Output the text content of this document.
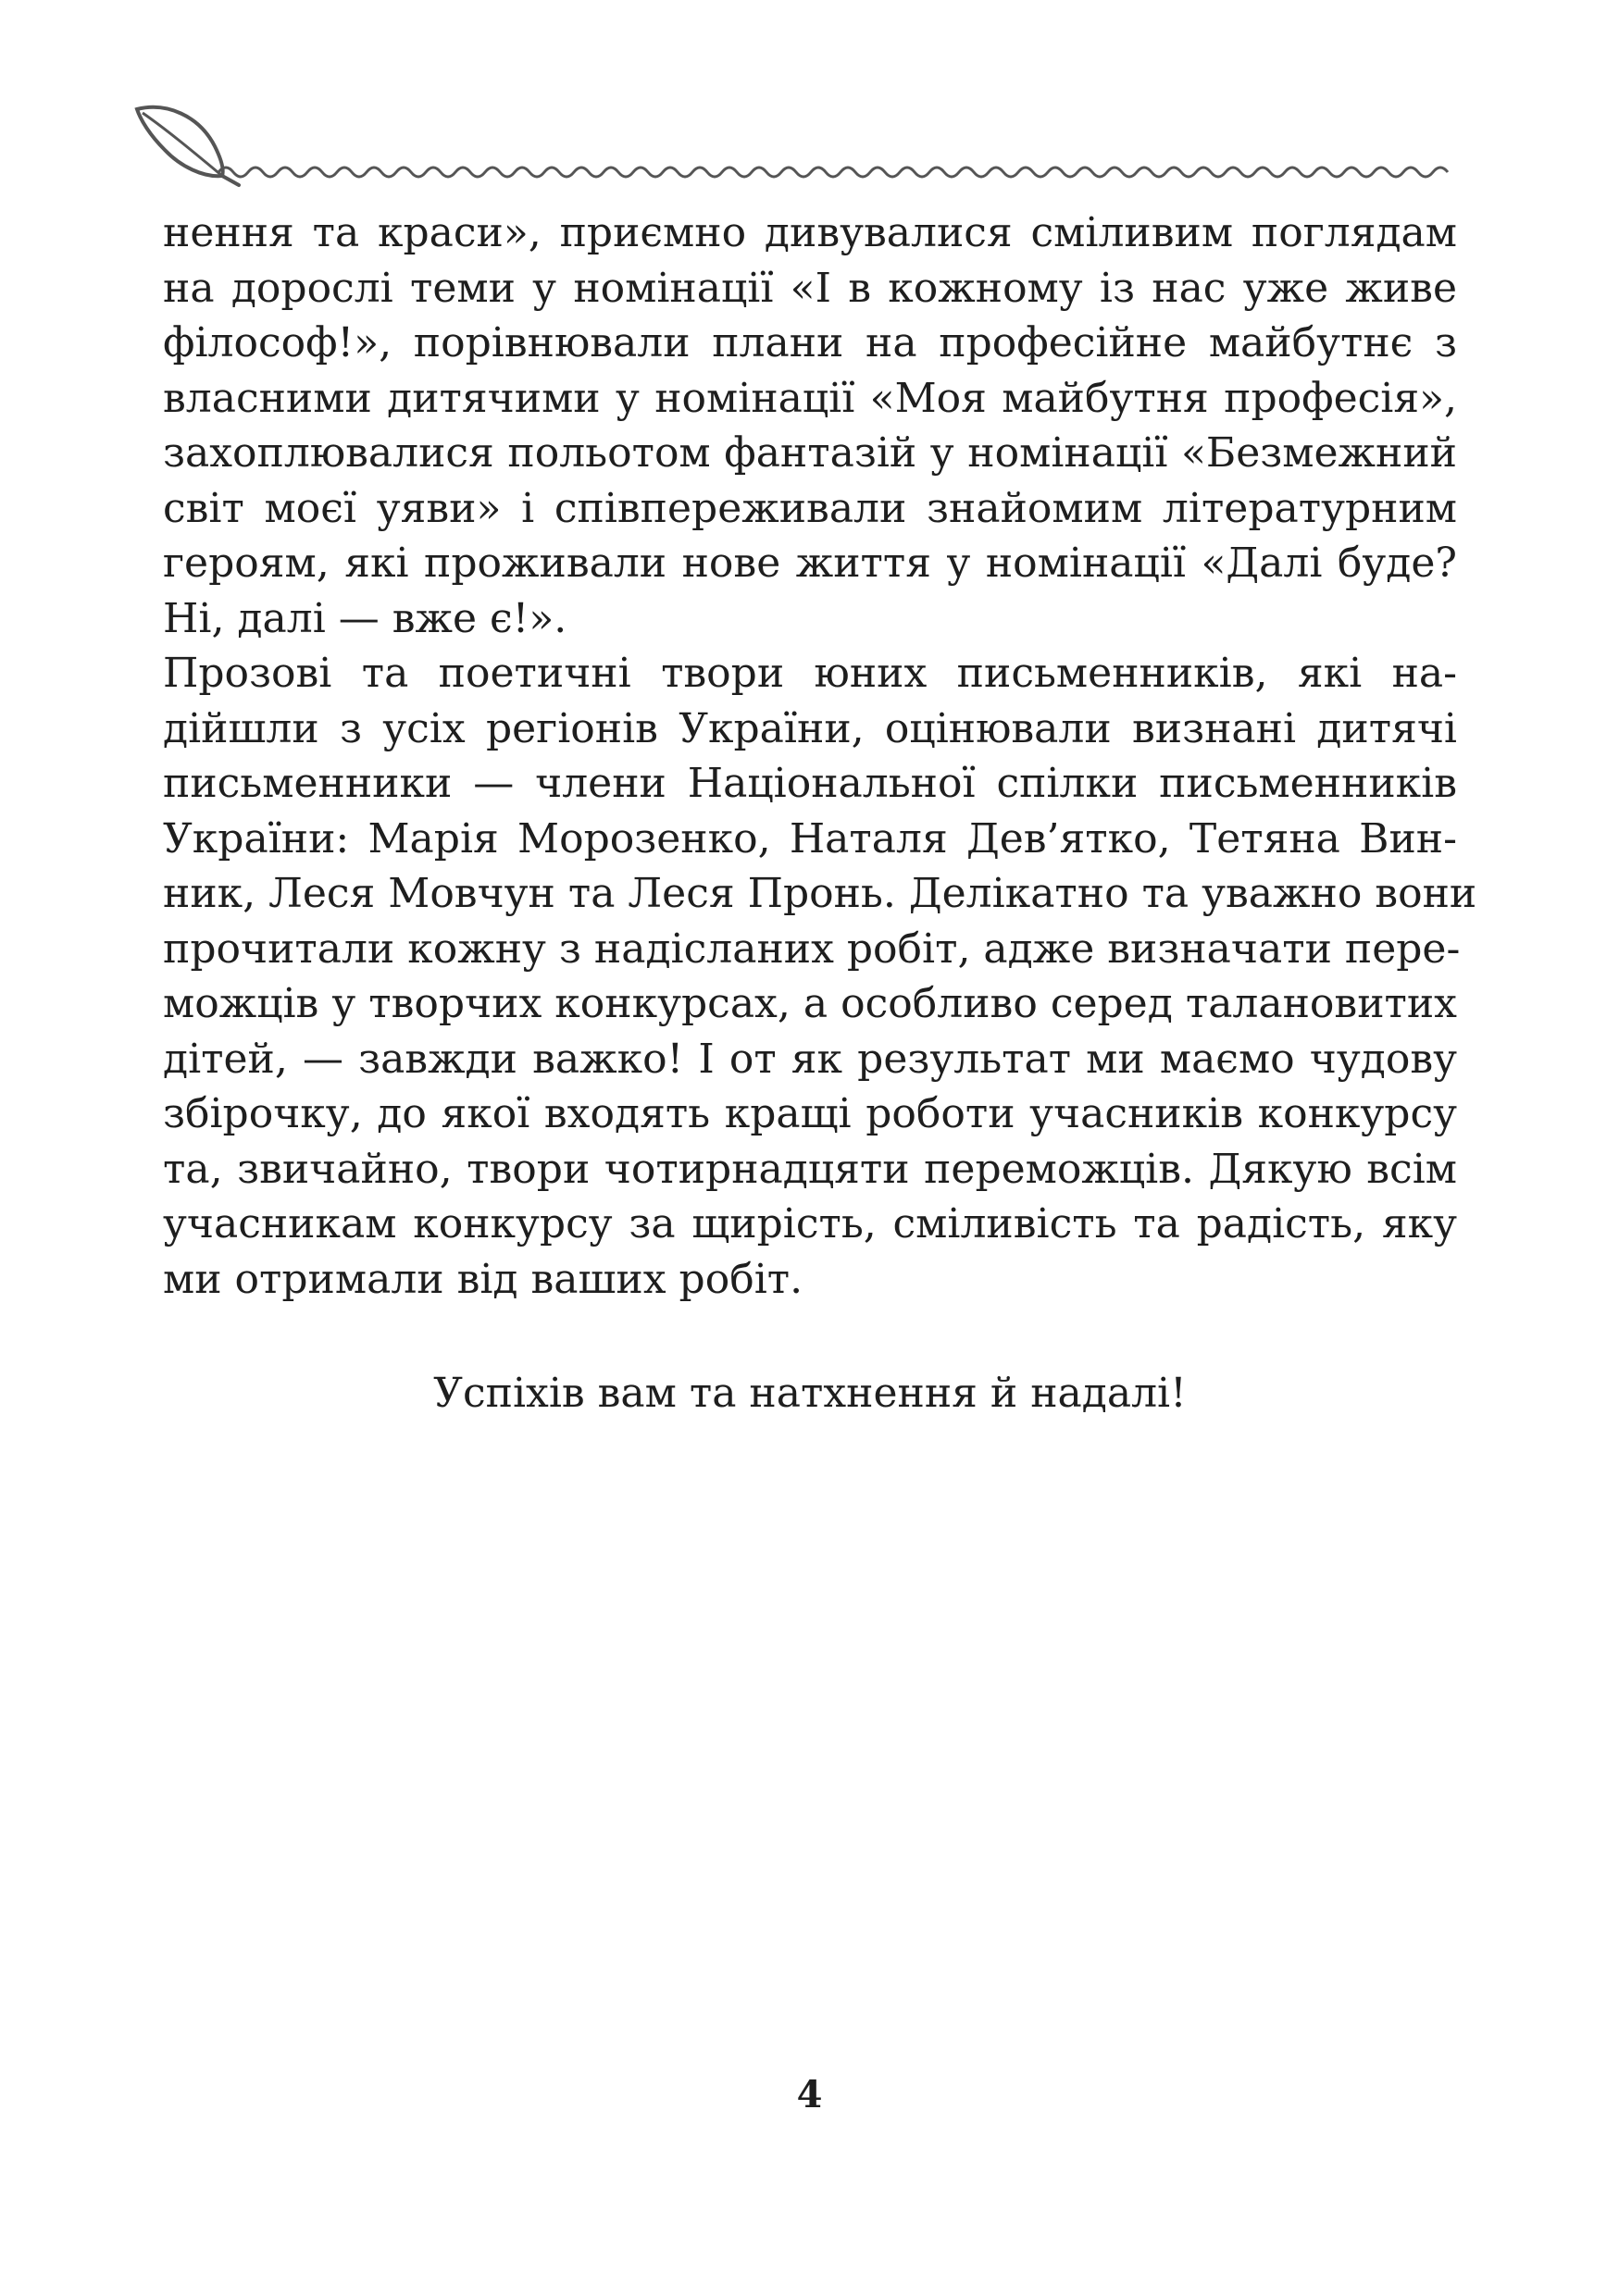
нення та краси», приємно дивувалися сміливим поглядам
на дорослі теми у номінації «І в кожному із нас уже живе
філософ!», порівнювали плани на професійне майбутнє з
власними дитячими у номінації «Моя майбутня професія»,
захоплювалися польотом фантазій у номінації «Безмежний
світ моєї уяви» і співпереживали знайомим літературним
героям, які проживали нове життя у номінації «Далі буде?
Ні, далі — вже є!».
Прозові та поетичні твори юних письменників, які на-
дійшли з усіх регіонів України, оцінювали визнані дитячі
письменники — члени Національної спілки письменників
України: Марія Морозенко, Наталя Дев’ятко, Тетяна Вин-
ник, Леся Мовчун та Леся Пронь. Делікатно та уважно вони
прочитали кожну з надісланих робіт, адже визначати пере-
можців у творчих конкурсах, а особливо серед талановитих
дітей, — завжди важко! І от як результат ми маємо чудову
збірочку, до якої входять кращі роботи учасників конкурсу
та, звичайно, твори чотирнадцяти переможців. Дякую всім
учасникам конкурсу за щирість, сміливість та радість, яку
ми отримали від ваших робіт.
Успіхів вам та натхнення й надалі!
4
